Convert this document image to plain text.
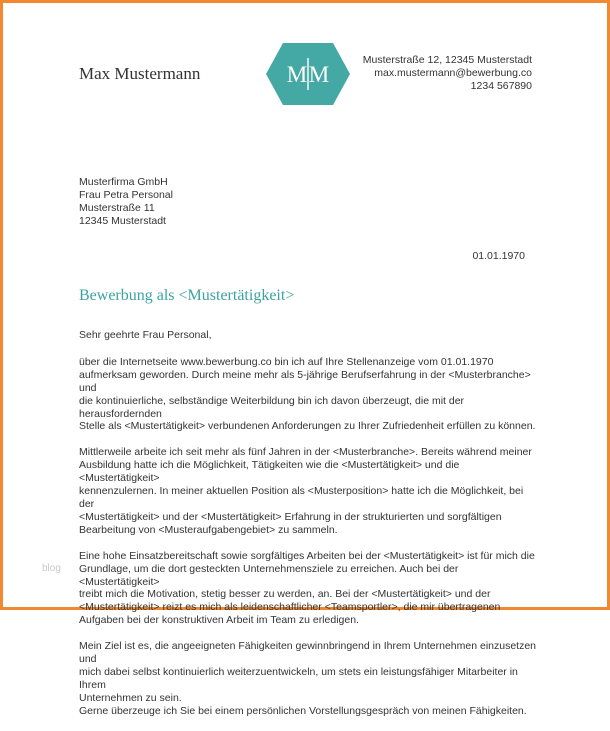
Max Mustermann	M M
Musterstraße 12, 12345 Musterstadt
max.mustermann@bewerbung.co
1234 567890
Musterfirma GmbH
Frau Petra Personal
Musterstraße 11
12345 Musterstadt
01.01.1970
Bewerbung als <Mustertätigkeit>

Sehr geehrte Frau Personal,

über die Internetseite www.bewerbung.co bin ich auf Ihre Stellenanzeige vom 01.01.1970
aufmerksam geworden. Durch meine mehr als 5-jährige Berufserfahrung in der <Musterbranche> und
die kontinuierliche, selbständige Weiterbildung bin ich davon überzeugt, die mit der herausfordernden
Stelle als <Mustertätigkeit> verbundenen Anforderungen zu Ihrer Zufriedenheit erfüllen zu können.

Mittlerweile arbeite ich seit mehr als fünf Jahren in der <Musterbranche>. Bereits während meiner
Ausbildung hatte ich die Möglichkeit, Tätigkeiten wie die <Mustertätigkeit> und die <Mustertätigkeit>
kennenzulernen. In meiner aktuellen Position als <Musterposition> hatte ich die Möglichkeit, bei der
<Mustertätigkeit> und der <Mustertätigkeit> Erfahrung in der strukturierten und sorgfältigen
Bearbeitung von <Musteraufgabengebiet> zu sammeln.

Eine hohe Einsatzbereitschaft sowie sorgfältiges Arbeiten bei der <Mustertätigkeit> ist für mich die
Grundlage, um die dort gesteckten Unternehmensziele zu erreichen. Auch bei der <Mustertätigkeit>
treibt mich die Motivation, stetig besser zu werden, an. Bei der <Mustertätigkeit> und der
<Mustertätigkeit> reizt es mich als leidenschaftlicher <Teamsportler>, die mir übertragenen
Aufgaben bei der konstruktiven Arbeit im Team zu erledigen.

Mein Ziel ist es, die angeeigneten Fähigkeiten gewinnbringend in Ihrem Unternehmen einzusetzen und
mich dabei selbst kontinuierlich weiterzuentwickeln, um stets ein leistungsfähiger Mitarbeiter in Ihrem
Unternehmen zu sein.
Gerne überzeuge ich Sie bei einem persönlichen Vorstellungsgespräch von meinen Fähigkeiten.

blog
